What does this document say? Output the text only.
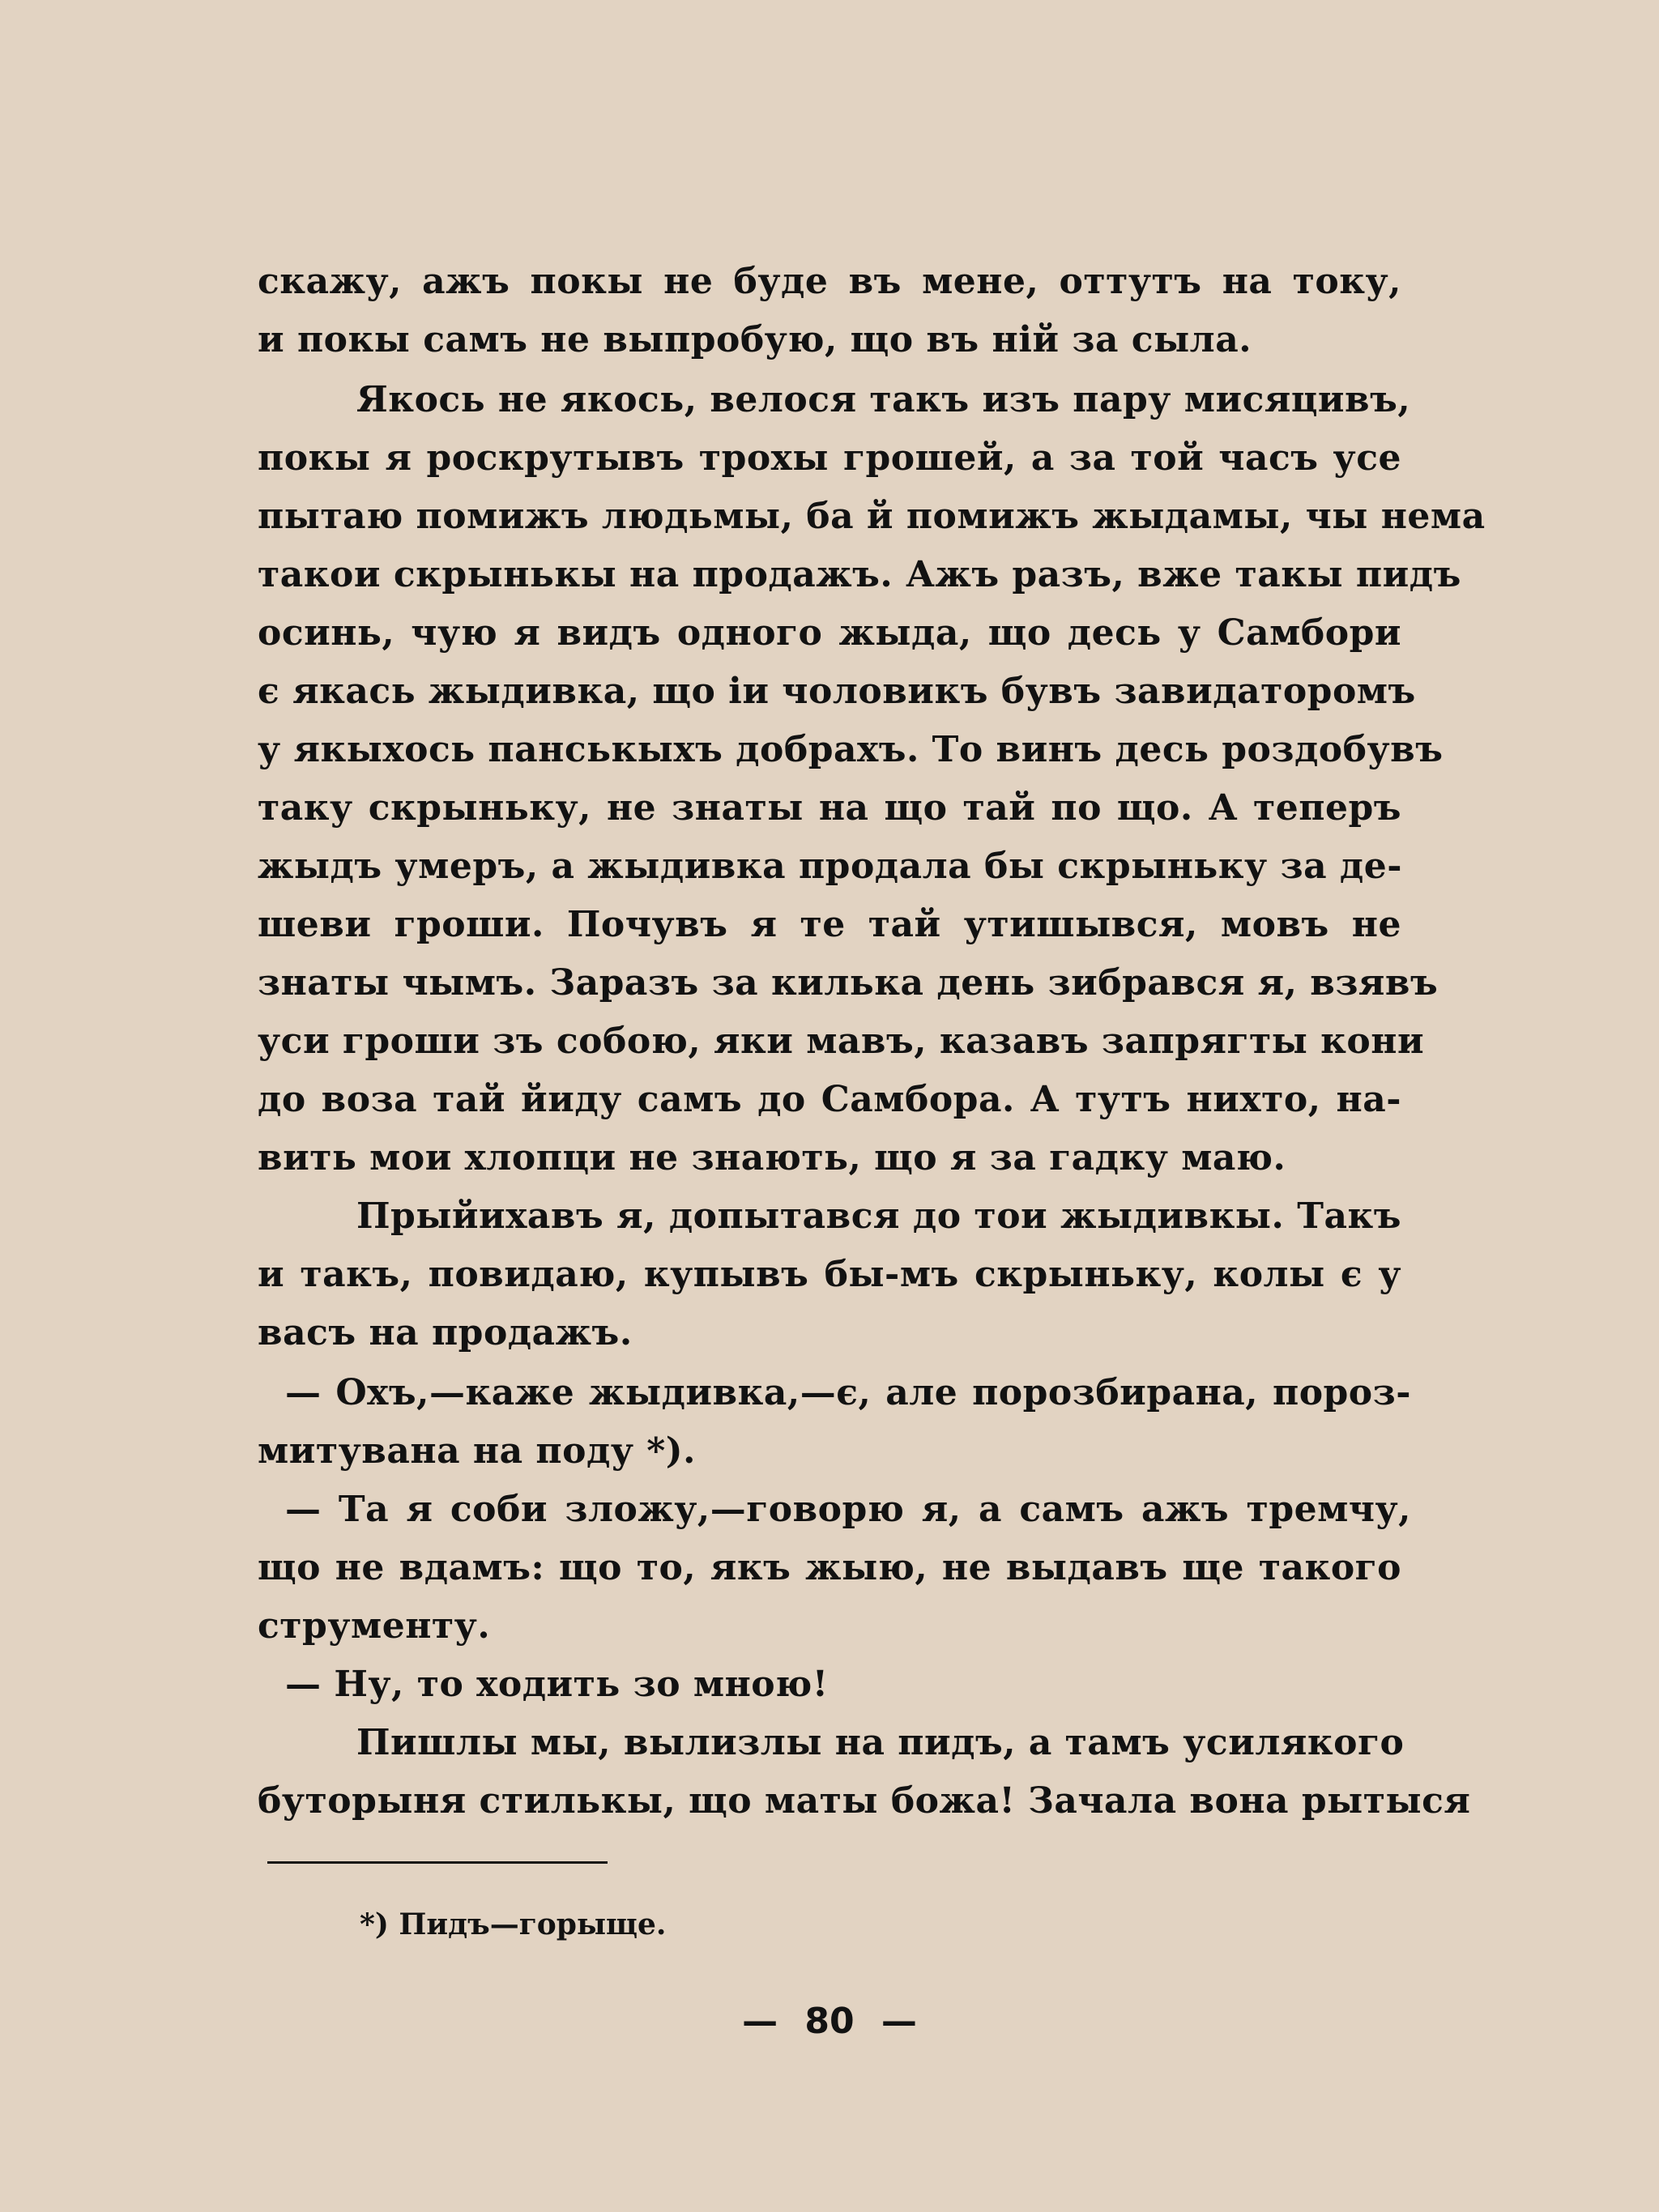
скажу, ажъ покы не буде въ мене, оттутъ на току,
и покы самъ не выпробую, що въ ній за сыла.
Якось не якось, велося такъ изъ пару мисяцивъ,
покы я роскрутывъ трохы грошей, а за той часъ усе
пытаю помижъ людьмы, ба й помижъ жыдамы, чы нема
такои скрынькы на продажъ. Ажъ разъ, вже такы пидъ
осинь, чую я видъ одного жыда, що десь у Самбори
є якась жыдивка, що іи чоловикъ бувъ завидаторомъ
у якыхось панськыхъ добрахъ. То винъ десь роздобувъ
таку скрыньку, не знаты на що тай по що. А теперъ
жыдъ умеръ, а жыдивка продала бы скрыньку за де-
шеви гроши. Почувъ я те тай утишывся, мовъ не
знаты чымъ. Заразъ за килька день зибрався я, взявъ
уси гроши зъ собою, яки мавъ, казавъ запрягты кони
до воза тай йиду самъ до Самбора. А тутъ нихто, на-
вить мои хлопци не знають, що я за гадку маю.
Прыйихавъ я, допытався до тои жыдивкы. Такъ
и такъ, повидаю, купывъ бы-мъ скрыньку, колы є у
васъ на продажъ.
— Охъ,—каже жыдивка,—є, але порозбирана, пороз-
митувана на поду *).
— Та я соби зложу,—говорю я, а самъ ажъ тремчу,
що не вдамъ: що то, якъ жыю, не выдавъ ще такого
струменту.
— Ну, то ходить зо мною!
Пишлы мы, вылизлы на пидъ, а тамъ усилякого
буторыня стилькы, що маты божа! Зачала вона рытыся
*) Пидъ—горыще.
— 80 —
